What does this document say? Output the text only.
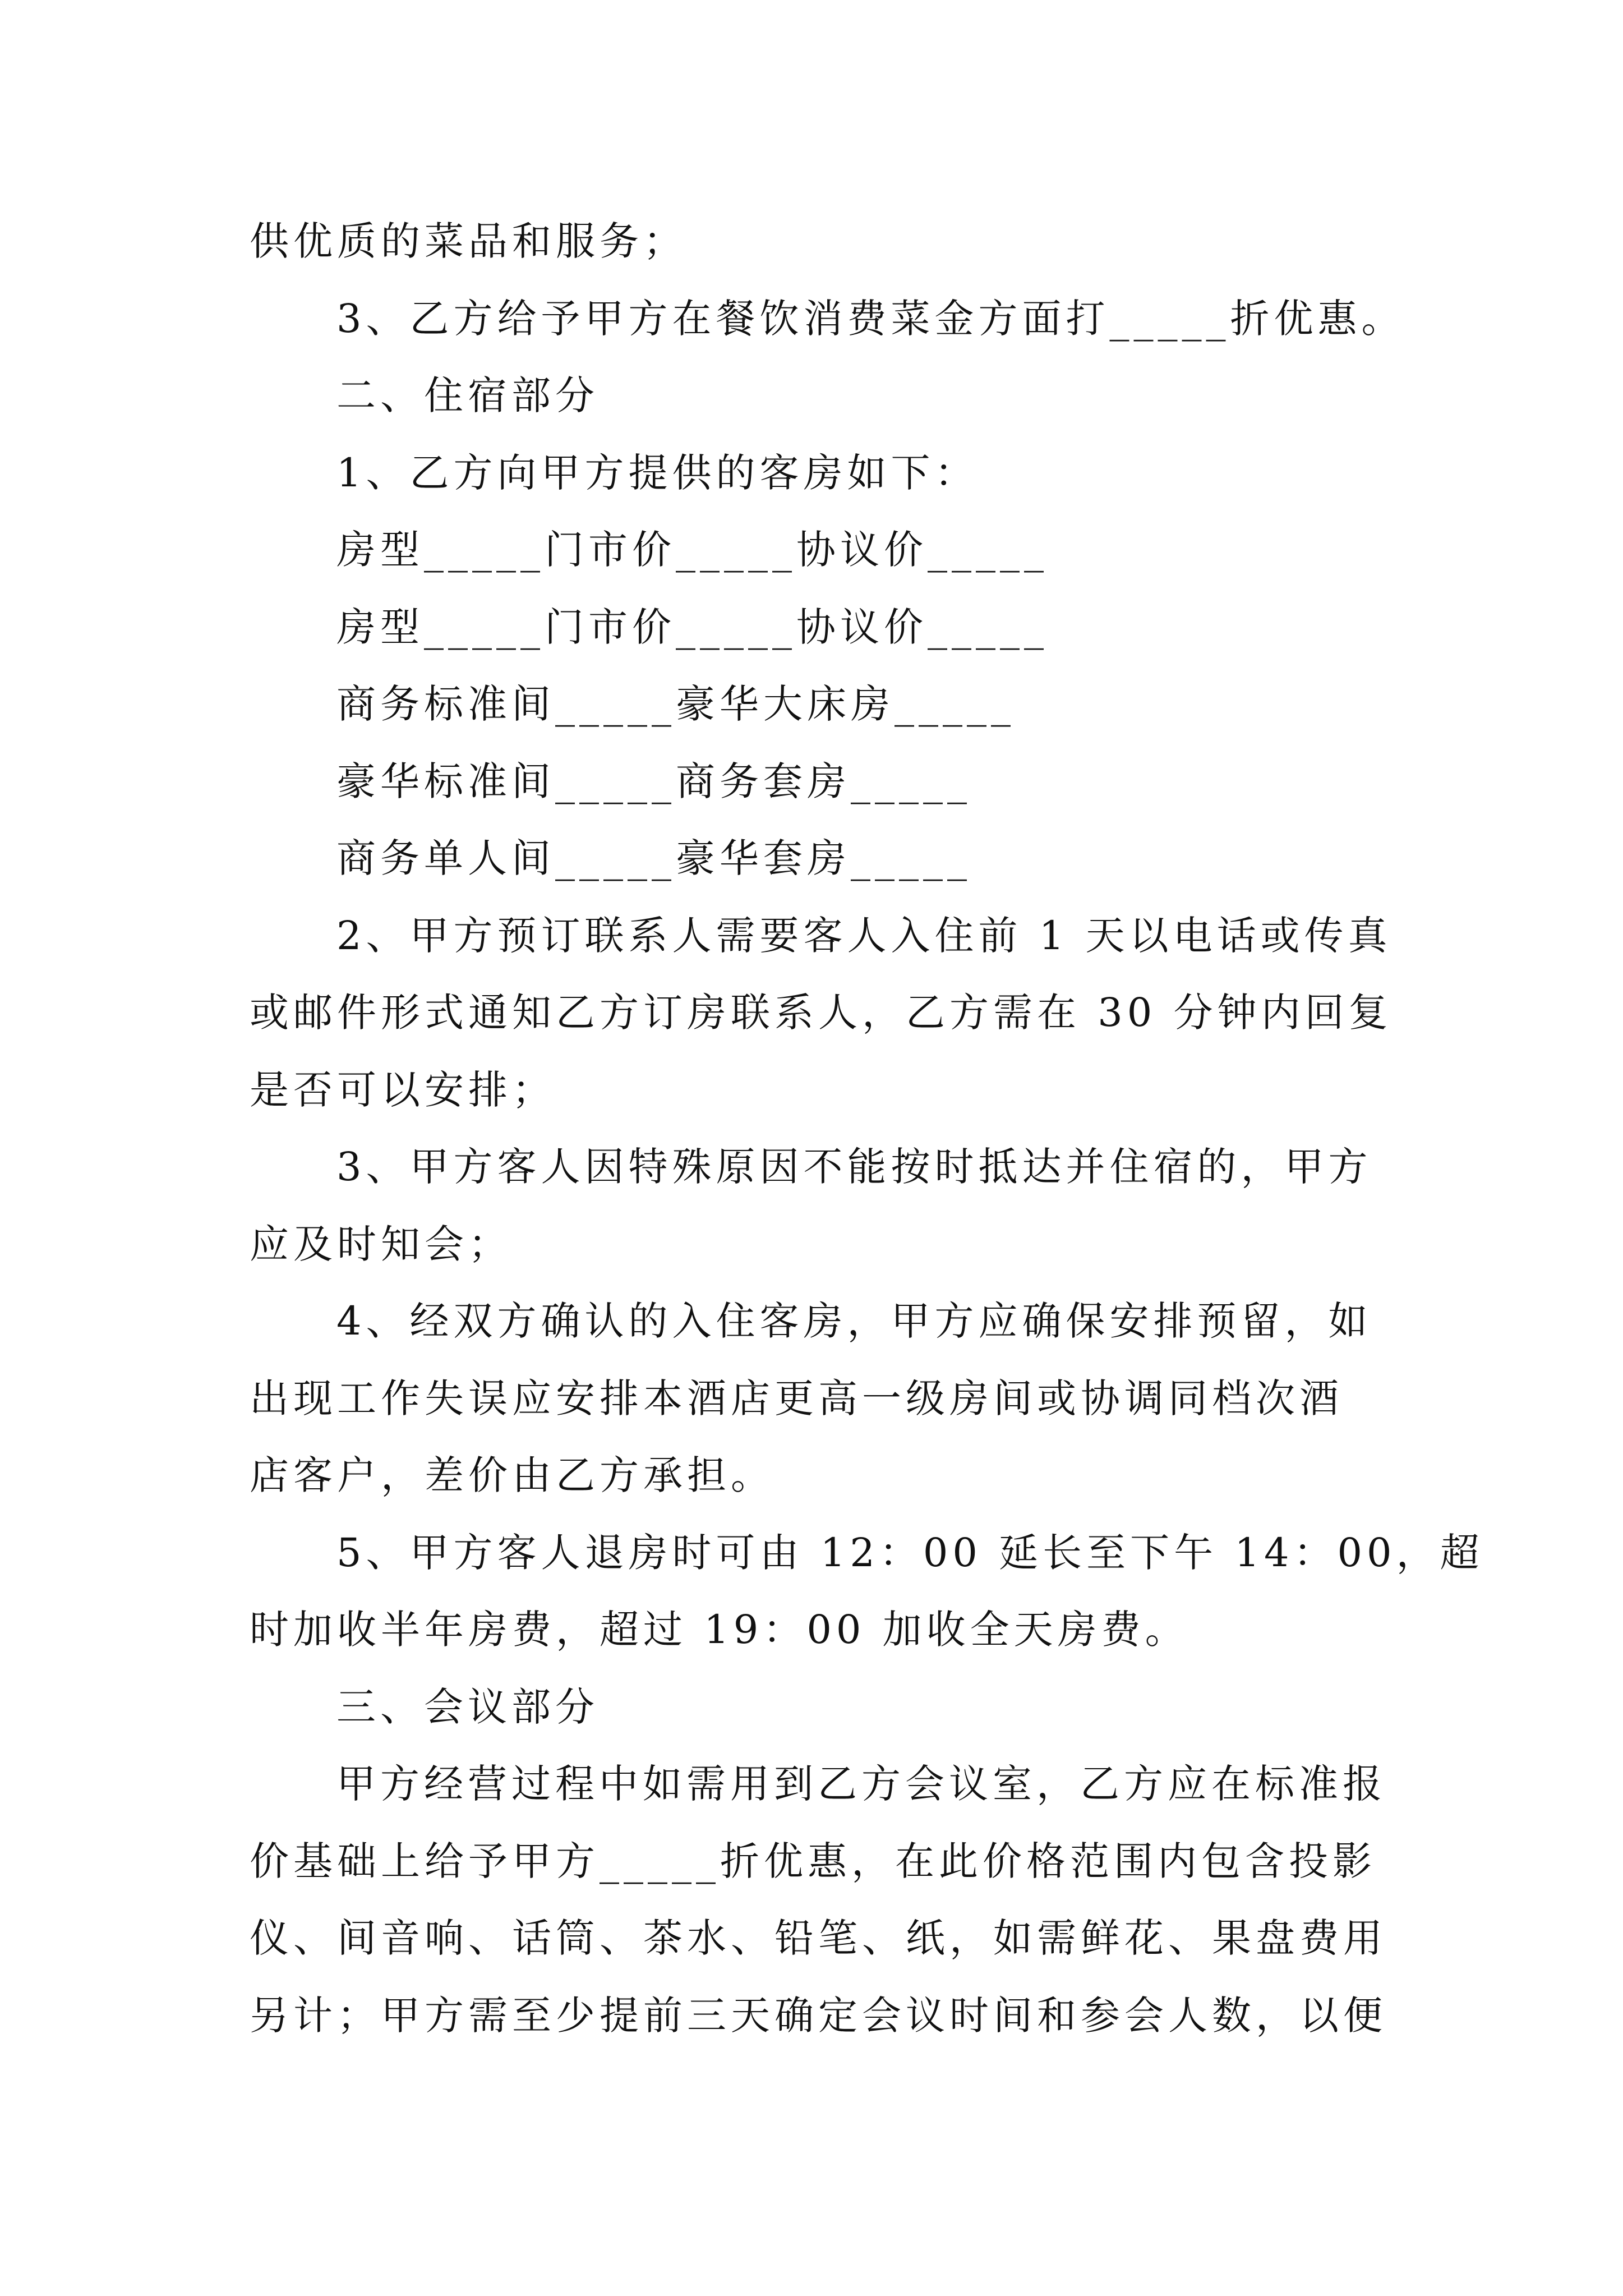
供优质的菜品和服务；
3、乙方给予甲方在餐饮消费菜金方面打_____折优惠。
二、住宿部分
1、乙方向甲方提供的客房如下：
房型_____门市价_____协议价_____
房型_____门市价_____协议价_____
商务标准间_____豪华大床房_____
豪华标准间_____商务套房_____
商务单人间_____豪华套房_____
2、甲方预订联系人需要客人入住前 1 天以电话或传真
或邮件形式通知乙方订房联系人，乙方需在 30 分钟内回复
是否可以安排；
3、甲方客人因特殊原因不能按时抵达并住宿的，甲方
应及时知会；
4、经双方确认的入住客房，甲方应确保安排预留，如
出现工作失误应安排本酒店更高一级房间或协调同档次酒
店客户，差价由乙方承担。
5、甲方客人退房时可由 12：00 延长至下午 14：00，超
时加收半年房费，超过 19：00 加收全天房费。
三、会议部分
甲方经营过程中如需用到乙方会议室，乙方应在标准报
价基础上给予甲方_____折优惠，在此价格范围内包含投影
仪、间音响、话筒、茶水、铅笔、纸，如需鲜花、果盘费用
另计；甲方需至少提前三天确定会议时间和参会人数，以便
